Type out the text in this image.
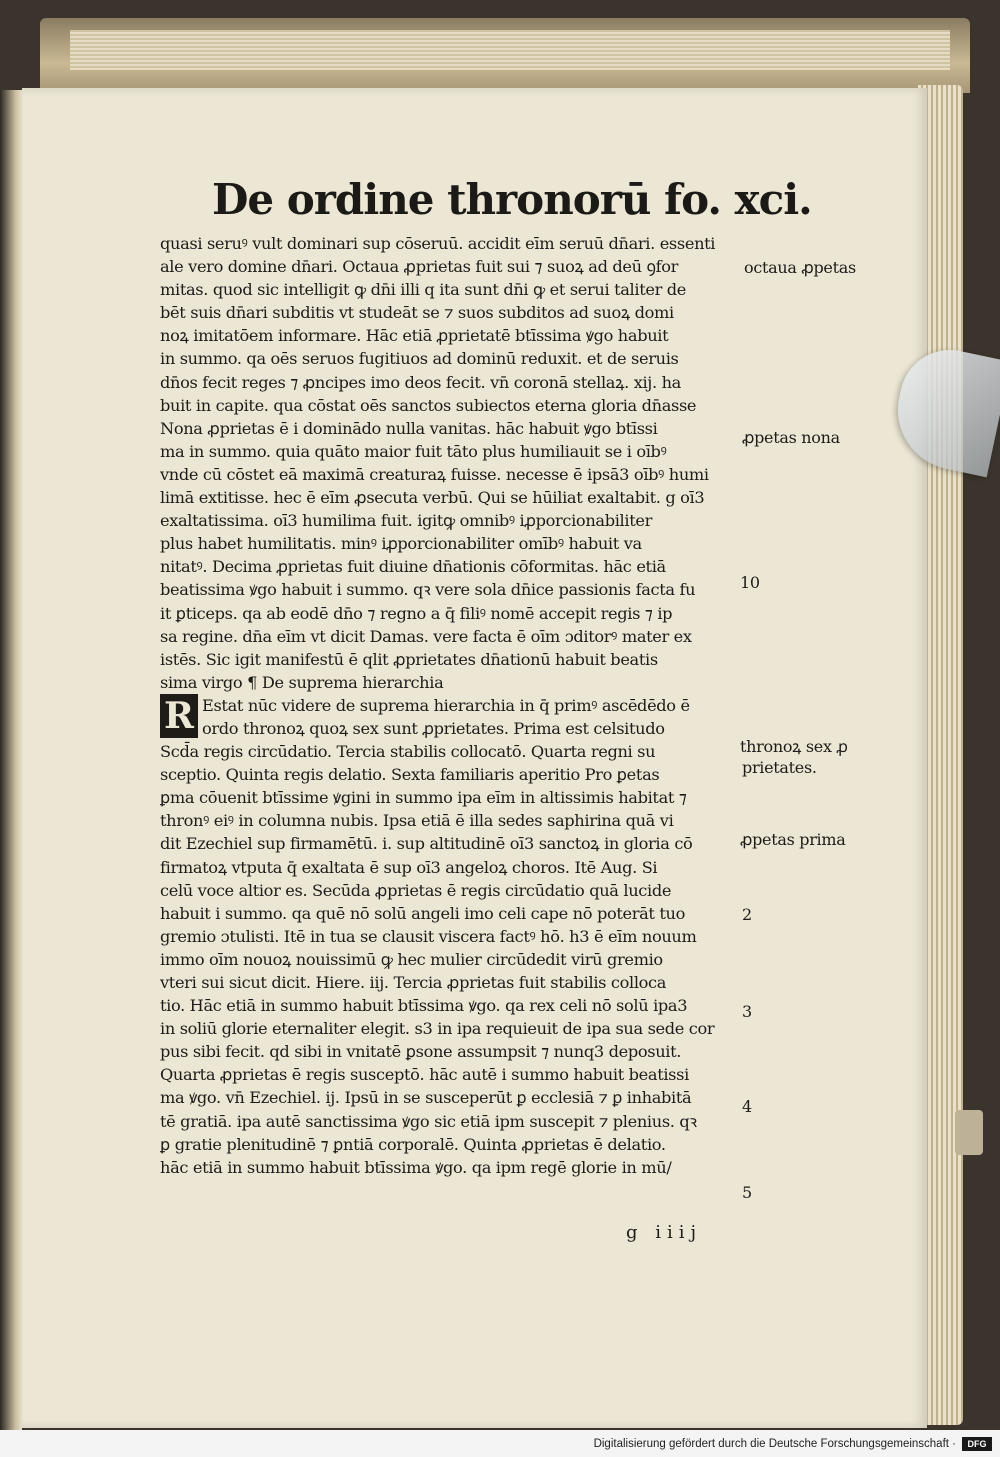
De ordine thronorū fo. xci.
quasi seruꝰ vult dominari sup cōseruū. accidit eīm seruū dn̄ari. essenti
ale vero domine dn̄ari. Octaua ꝓprietas fuit sui ⁊ suoꝝ ad deū ꝯfor
mitas. quod sic intelligit ꝙ dn̄i illi q ita sunt dn̄i ꝙ et serui taliter de
bēt suis dn̄ari subditis vt studeāt se ⁊ suos subditos ad suoꝝ domi
noꝝ imitatōem informare. Hāc etiā ꝓprietatē btīssima ꝟgo habuit
in summo. qa oēs seruos fugitiuos ad dominū reduxit. et de seruis
dn̄os fecit reges ⁊ ꝓncipes imo deos fecit. vn̄ coronā stellaꝝ. xij. ha
buit in capite. qua cōstat oēs sanctos subiectos eterna gloria dn̄asse
Nona ꝓprietas ē i dominādo nulla vanitas. hāc habuit ꝟgo btīssi
ma in summo. quia quāto maior fuit tāto plus humiliauit se i oībꝰ
vnde cū cōstet eā maximā creaturaꝝ fuisse. necesse ē ipsā3 oībꝰ humi
limā extitisse. hec ē eīm ꝓsecuta verbū. Qui se hūiliat exaltabit. g oī3
exaltatissima. oī3 humilima fuit. igitꝙ omnibꝰ iꝓporcionabiliter
plus habet humilitatis. minꝰ iꝓporcionabiliter omībꝰ habuit va
nitatꝰ. Decima ꝓprietas fuit diuine dn̄ationis cōformitas. hāc etiā
beatissima ꝟgo habuit i summo. qꝛ vere sola dn̄ice passionis facta fu
it ꝑticeps. qa ab eodē dn̄o ⁊ regno a q̄ filiꝰ nomē accepit regis ⁊ ip
sa regine. dn̄a eīm vt dicit Damas. vere facta ē oīm ɔditorꝰ mater ex
istēs. Sic igit manifestū ē qlit ꝓprietates dn̄ationū habuit beatis
sima virgo ¶ De suprema hierarchia
R Estat nūc videre de suprema hierarchia in q̄ primꝰ ascēdēdo ē
ordo thronoꝝ quoꝝ sex sunt ꝓprietates. Prima est celsitudo
Scd̄a regis circūdatio. Tercia stabilis collocatō. Quarta regni su
sceptio. Quinta regis delatio. Sexta familiaris aperitio Pro ꝑetas
ꝑma cōuenit btīssime ꝟgini in summo ipa eīm in altissimis habitat ⁊
thronꝰ eiꝰ in columna nubis. Ipsa etiā ē illa sedes saphirina quā vi
dit Ezechiel sup firmamētū. i. sup altitudinē oī3 sanctoꝝ in gloria cō
firmatoꝝ vtputa q̄ exaltata ē sup oī3 angeloꝝ choros. Itē Aug. Si
celū voce altior es. Secūda ꝓprietas ē regis circūdatio quā lucide
habuit i summo. qa quē nō solū angeli imo celi cape nō poterāt tuo
gremio ɔtulisti. Itē in tua se clausit viscera factꝰ hō. h3 ē eīm nouum
immo oīm nouoꝝ nouissimū ꝙ hec mulier circūdedit virū gremio
vteri sui sicut dicit. Hiere. iij. Tercia ꝓprietas fuit stabilis colloca
tio. Hāc etiā in summo habuit btīssima ꝟgo. qa rex celi nō solū ipa3
in soliū glorie eternaliter elegit. s3 in ipa requieuit de ipa sua sede cor
pus sibi fecit. qd sibi in vnitatē ꝑsone assumpsit ⁊ nunq3 deposuit.
Quarta ꝓprietas ē regis susceptō. hāc autē i summo habuit beatissi
ma ꝟgo. vn̄ Ezechiel. ij. Ipsū in se susceperūt ꝑ ecclesiā ⁊ ꝑ inhabitā
tē gratiā. ipa autē sanctissima ꝟgo sic etiā ipm suscepit ⁊ plenius. qꝛ
ꝑ gratie plenitudinē ⁊ ꝑntiā corporalē. Quinta ꝓprietas ē delatio.
hāc etiā in summo habuit btīssima ꝟgo. qa ipm regē glorie in mū/
octaua ꝓpetas
ꝓpetas nona
10
thronoꝝ sex ꝓ
prietates.
ꝓpetas prima
2
3
4
5
g iiij
Digitalisierung gefördert durch die Deutsche Forschungsgemeinschaft ·	DFG
